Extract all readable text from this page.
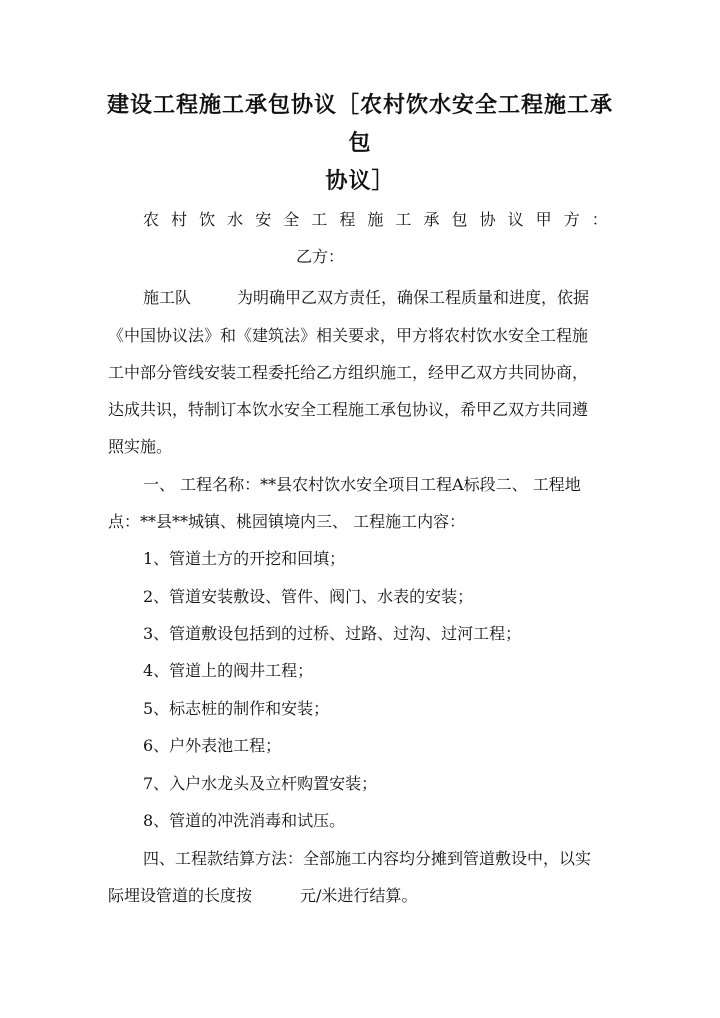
建设工程施工承包协议［农村饮水安全工程施工承包
协议］
农 村 饮 水 安 全 工 程 施 工 承 包 协 议 甲 方 ：

乙方：

施工队	为明确甲乙双方责任，确保工程质量和进度，依据

《中国协议法》和《建筑法》相关要求，甲方将农村饮水安全工程施

工中部分管线安装工程委托给乙方组织施工，经甲乙双方共同协商，

达成共识，特制订本饮水安全工程施工承包协议，希甲乙双方共同遵

照实施。

一、 工程名称：**县农村饮水安全项目工程A标段二、 工程地

点：**县**城镇、桃园镇境内三、 工程施工内容：

1、管道土方的开挖和回填；

2、管道安装敷设、管件、阀门、水表的安装；

3、管道敷设包括到的过桥、过路、过沟、过河工程；

4、管道上的阀井工程；

5、标志桩的制作和安装；

6、户外表池工程；

7、入户水龙头及立杆购置安装；

8、管道的冲洗消毒和试压。

四、工程款结算方法：全部施工内容均分摊到管道敷设中，以实

际埋设管道的长度按	元/米进行结算。
